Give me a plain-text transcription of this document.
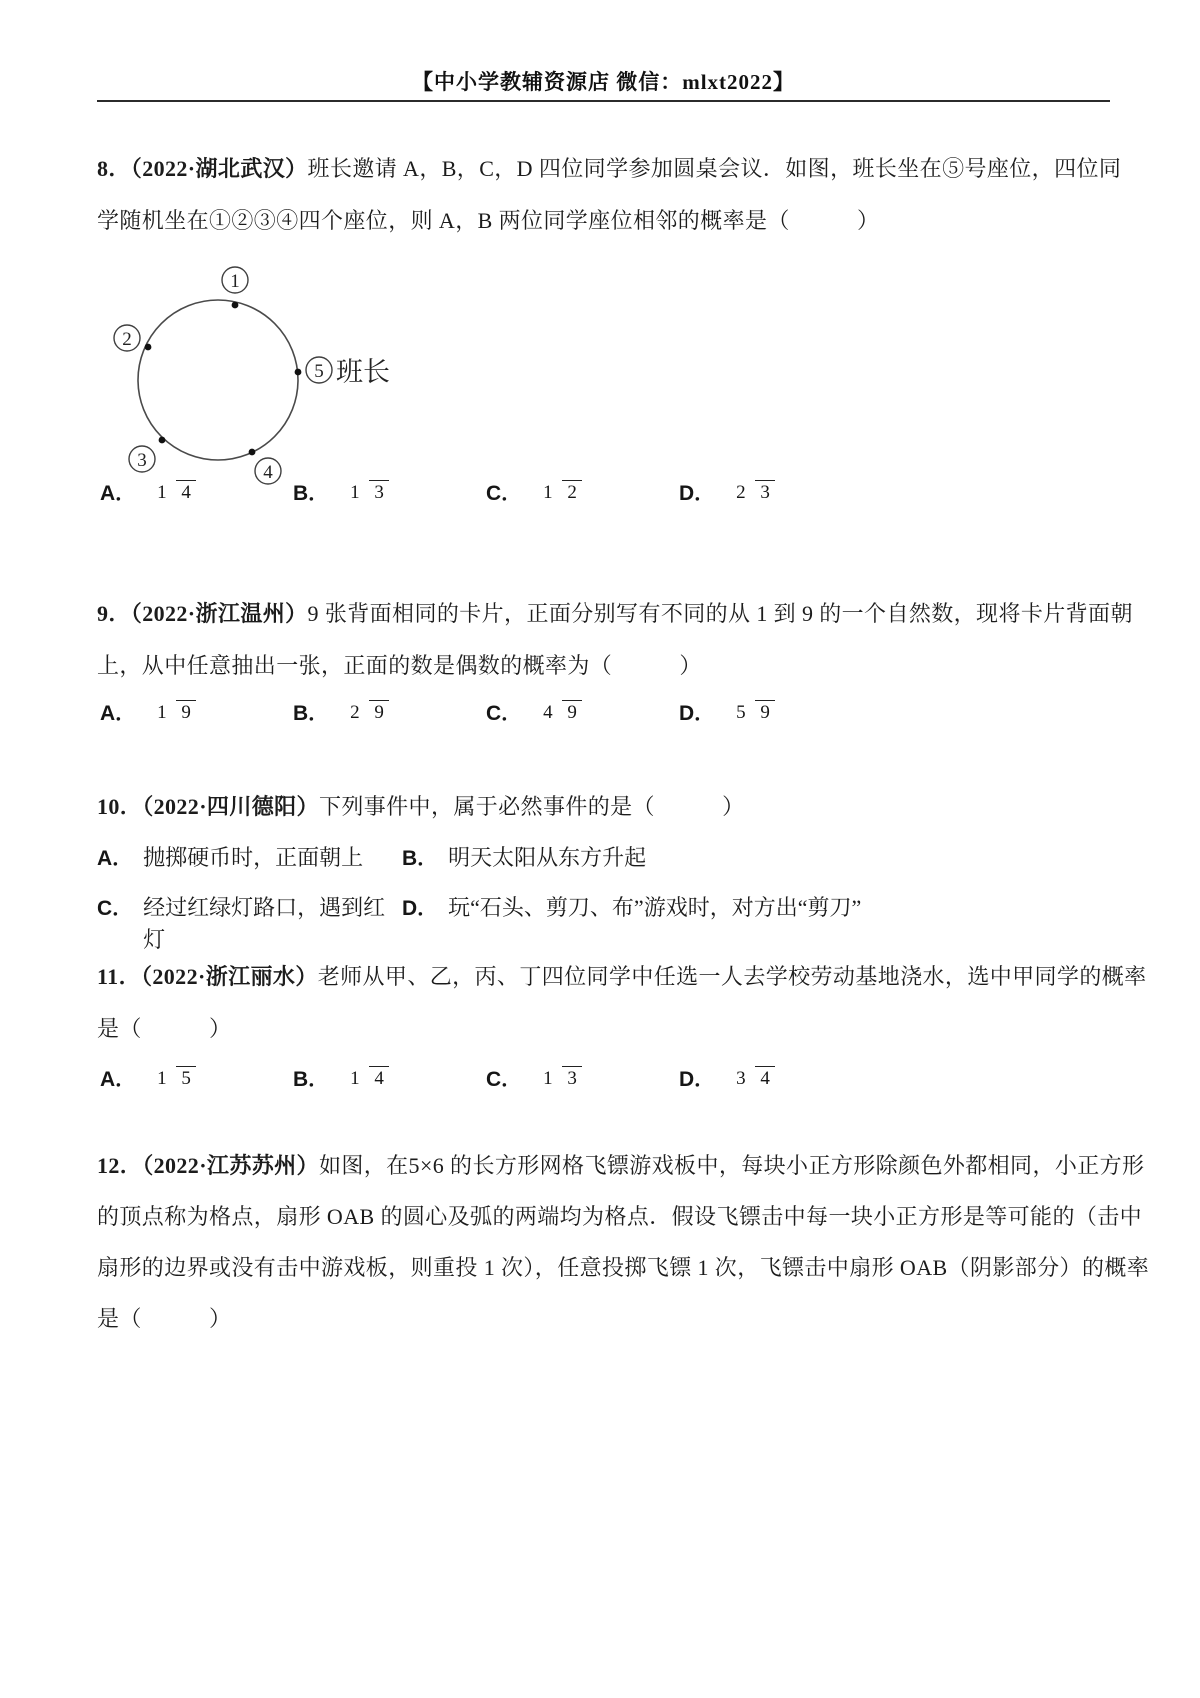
【中小学教辅资源店 微信：mlxt2022】
8．（2022·湖北武汉）班长邀请 A，B，C，D 四位同学参加圆桌会议．如图，班长坐在⑤号座位，四位同
学随机坐在①②③④四个座位，则 A，B 两位同学座位相邻的概率是（　　　）
1
2
3
4
5 班长
A． 1 4	B． 1 3	C． 1 2	D． 2 3
9．（2022·浙江温州）9 张背面相同的卡片，正面分别写有不同的从 1 到 9 的一个自然数，现将卡片背面朝
上，从中任意抽出一张，正面的数是偶数的概率为（　　　）
A． 1 9	B． 2 9	C． 4 9	D． 5 9
10．（2022·四川德阳）下列事件中，属于必然事件的是（　　　）
A． 抛掷硬币时，正面朝上 B． 明天太阳从东方升起
C． 经过红绿灯路口，遇到红灯
D． 玩“石头、剪刀、布”游戏时，对方出“剪刀”
11．（2022·浙江丽水）老师从甲、乙，丙、丁四位同学中任选一人去学校劳动基地浇水，选中甲同学的概率
是（　　　）
A． 1 5	B． 1 4	C． 1 3	D． 3 4
12．（2022·江苏苏州）如图，在5×6 的长方形网格飞镖游戏板中，每块小正方形除颜色外都相同，小正方形
的顶点称为格点，扇形 OAB 的圆心及弧的两端均为格点．假设飞镖击中每一块小正方形是等可能的（击中
扇形的边界或没有击中游戏板，则重投 1 次），任意投掷飞镖 1 次，飞镖击中扇形 OAB（阴影部分）的概率
是（　　　）
